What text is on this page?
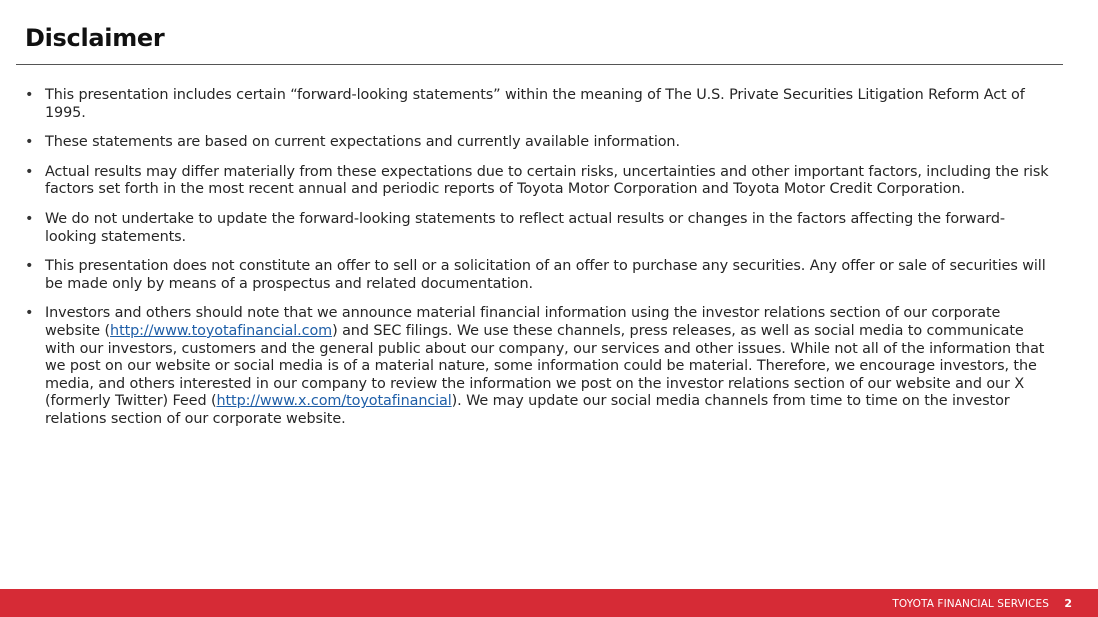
Disclaimer
• This presentation includes certain “forward-looking statements” within the meaning of The U.S. Private Securities Litigation Reform Act of 1995.
• These statements are based on current expectations and currently available information.
• Actual results may differ materially from these expectations due to certain risks, uncertainties and other important factors, including the risk factors set forth in the most recent annual and periodic reports of Toyota Motor Corporation and Toyota Motor Credit Corporation.
• We do not undertake to update the forward-looking statements to reflect actual results or changes in the factors affecting the forward-looking statements.
• This presentation does not constitute an offer to sell or a solicitation of an offer to purchase any securities. Any offer or sale of securities will be made only by means of a prospectus and related documentation.
• Investors and others should note that we announce material financial information using the investor relations section of our corporate website (http://www.toyotafinancial.com) and SEC filings. We use these channels, press releases, as well as social media to communicate with our investors, customers and the general public about our company, our services and other issues. While not all of the information that we post on our website or social media is of a material nature, some information could be material. Therefore, we encourage investors, the media, and others interested in our company to review the information we post on the investor relations section of our website and our X (formerly Twitter) Feed (http://www.x.com/toyotafinancial). We may update our social media channels from time to time on the investor relations section of our corporate website.
TOYOTA FINANCIAL SERVICES 2
